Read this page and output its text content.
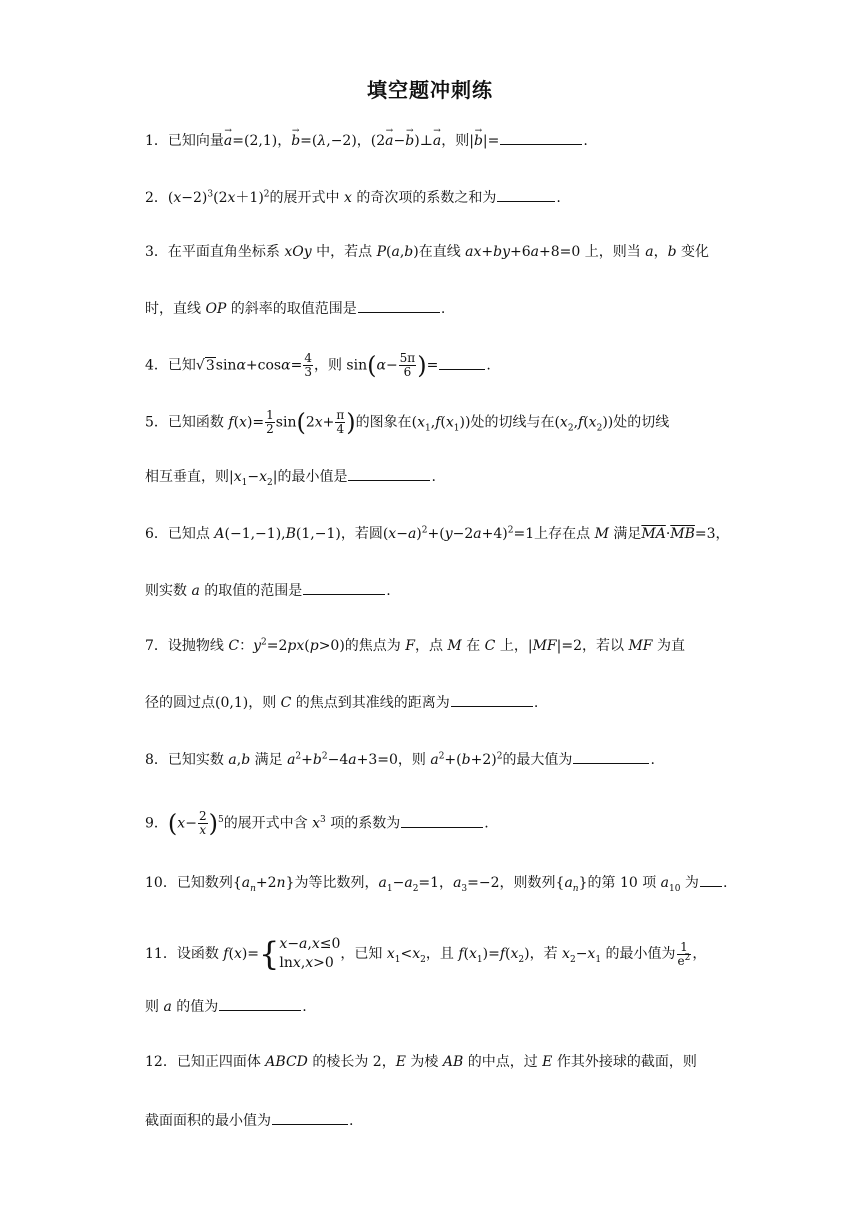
填空题冲刺练
1．已知向量→ a=(2,1)，→ b=(λ,−2)，(2→ a−→ b)⊥→ a，则|→ b|=	.
2．$(x-2)^3(2x+1)^2$的展开式中 x 的奇次项的系数之和为	.
3．在平面直角坐标系 xOy 中，若点 P(a,b)在直线 ax+by+6a+8=0 上，则当 a，b 变化
时，直线 OP 的斜率的取值范围是	.
4．已知$√3\sin\alpha+\cos\alpha= \frac{4}{3}$ ，则 $\sin(\alpha- \frac{5\pi}{6}$ )=	.
5．已知函数 $f(x)= \frac{1}{2} \sin(2x+ \frac{\pi}{4}$ )的图象在$(x_1,f(x_1))$处的切线与在$(x_2,f(x_2))$处的切线
相互垂直，则$|x_1-x_2|$的最小值是	.
6．已知点 A(−1,−1),B(1,−1)，若圆$(x-a)^2+(y-2a+4)^2=1$上存在点 M 满足$\overline{MA}\cdot\overline{MB}=3$，
则实数 a 的取值的范围是	.
7．设抛物线 C：$y^2=2px(p>0)$的焦点为 F，点 M 在 C 上，|MF|=2，若以 MF 为直
径的圆过点(0,1)，则 C 的焦点到其准线的距离为	.
8．已知实数 a,b 满足 $a^2+b^2-4a+3=0$，则 $a^2+(b+2)^2$的最大值为	.
9．$(x- \frac{2}{x} )^5$的展开式中含 $x^3$ 项的系数为	.
10．已知数列$\{a_n+2n\}$为等比数列，$a_1-a_2=1$，$a_3=-2$，则数列$\{a_n\}$的第 10 项 $a_{10}$ 为 .
11．设函数 f(x)={ x−a,x≤0
lnx,x>0
，已知 $x_1<x_2$，且 $f(x_1)=f(x_2)$，若 $x_2-x_1$ 的最小值为 $\frac{1}{e^2}$ ，
则 a 的值为	.
12．已知正四面体 ABCD 的棱长为 2，E 为棱 AB 的中点，过 E 作其外接球的截面，则
截面面积的最小值为	.
